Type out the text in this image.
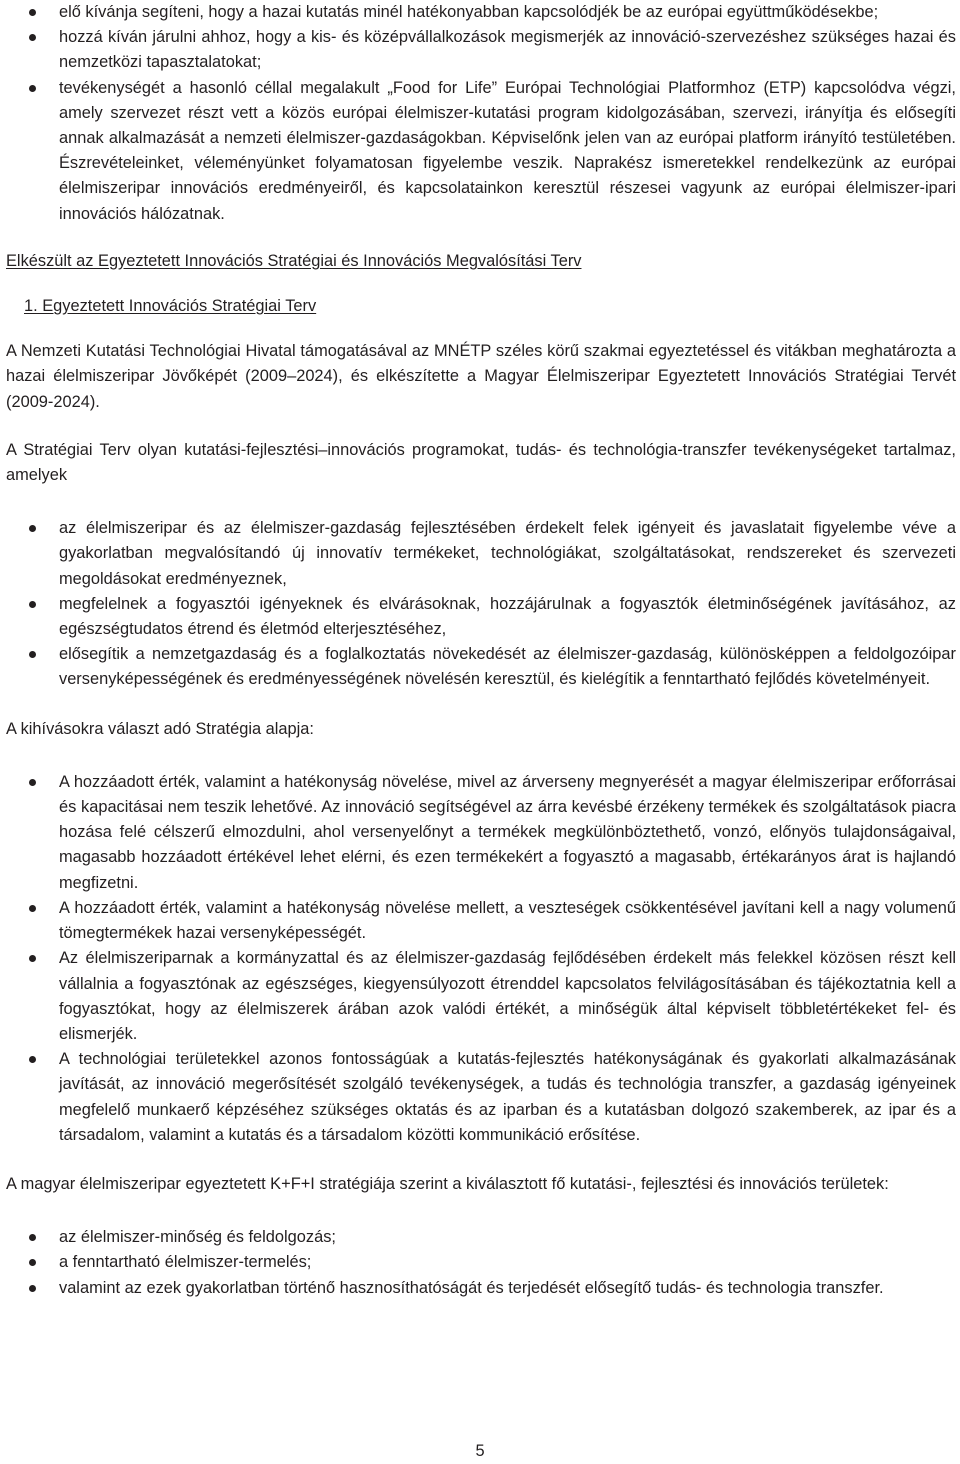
elő kívánja segíteni, hogy a hazai kutatás minél hatékonyabban kapcsolódjék be az európai együttműködésekbe;
hozzá kíván járulni ahhoz, hogy a kis- és középvállalkozások megismerjék az innováció-szervezéshez szükséges hazai és nemzetközi tapasztalatokat;
tevékenységét a hasonló céllal megalakult „Food for Life” Európai Technológiai Platformhoz (ETP) kapcsolódva végzi, amely szervezet részt vett a közös európai élelmiszer-kutatási program kidolgozásában, szervezi, irányítja és elősegíti annak alkalmazását a nemzeti élelmiszer-gazdaságokban. Képviselőnk jelen van az európai platform irányító testületében. Észrevételeinket, véleményünket folyamatosan figyelembe veszik. Naprakész ismeretekkel rendelkezünk az európai élelmiszeripar innovációs eredményeiről, és kapcsolatainkon keresztül részesei vagyunk az európai élelmiszer-ipari innovációs hálózatnak.

Elkészült az Egyeztetett Innovációs Stratégiai és Innovációs Megvalósítási Terv

1. Egyeztetett Innovációs Stratégiai Terv

A Nemzeti Kutatási Technológiai Hivatal támogatásával az MNÉTP széles körű szakmai egyeztetéssel és vitákban meghatározta a hazai élelmiszeripar Jövőképét (2009–2024), és elkészítette a Magyar Élelmiszeripar Egyeztetett Innovációs Stratégiai Tervét (2009-2024).

A Stratégiai Terv olyan kutatási-fejlesztési–innovációs programokat, tudás- és technológia-transzfer tevékenységeket tartalmaz, amelyek

az élelmiszeripar és az élelmiszer-gazdaság fejlesztésében érdekelt felek igényeit és javaslatait figyelembe véve a gyakorlatban megvalósítandó új innovatív termékeket, technológiákat, szolgáltatásokat, rendszereket és szervezeti megoldásokat eredményeznek,
megfelelnek a fogyasztói igényeknek és elvárásoknak, hozzájárulnak a fogyasztók életminőségének javításához, az egészségtudatos étrend és életmód elterjesztéséhez,
elősegítik a nemzetgazdaság és a foglalkoztatás növekedését az élelmiszer-gazdaság, különösképpen a feldolgozóipar versenyképességének és eredményességének növelésén keresztül, és kielégítik a fenntartható fejlődés követelményeit.

A kihívásokra választ adó Stratégia alapja:

A hozzáadott érték, valamint a hatékonyság növelése, mivel az árverseny megnyerését a magyar élelmiszeripar erőforrásai és kapacitásai nem teszik lehetővé. Az innováció segítségével az árra kevésbé érzékeny termékek és szolgáltatások piacra hozása felé célszerű elmozdulni, ahol versenyelőnyt a termékek megkülönböztethető, vonzó, előnyös tulajdonságaival, magasabb hozzáadott értékével lehet elérni, és ezen termékekért a fogyasztó a magasabb, értékarányos árat is hajlandó megfizetni.
A hozzáadott érték, valamint a hatékonyság növelése mellett, a veszteségek csökkentésével javítani kell a nagy volumenű tömegtermékek hazai versenyképességét.
Az élelmiszeriparnak a kormányzattal és az élelmiszer-gazdaság fejlődésében érdekelt más felekkel közösen részt kell vállalnia a fogyasztónak az egészséges, kiegyensúlyozott étrenddel kapcsolatos felvilágosításában és tájékoztatnia kell a fogyasztókat, hogy az élelmiszerek árában azok valódi értékét, a minőségük által képviselt többletértékeket fel- és elismerjék.
A technológiai területekkel azonos fontosságúak a kutatás-fejlesztés hatékonyságának és gyakorlati alkalmazásának javítását, az innováció megerősítését szolgáló tevékenységek, a tudás és technológia transzfer, a gazdaság igényeinek megfelelő munkaerő képzéséhez szükséges oktatás és az iparban és a kutatásban dolgozó szakemberek, az ipar és a társadalom, valamint a kutatás és a társadalom közötti kommunikáció erősítése.

A magyar élelmiszeripar egyeztetett K+F+I stratégiája szerint a kiválasztott fő kutatási-, fejlesztési és innovációs területek:

az élelmiszer-minőség és feldolgozás;
a fenntartható élelmiszer-termelés;
valamint az ezek gyakorlatban történő hasznosíthatóságát és terjedését elősegítő tudás- és technologia transzfer.
5
